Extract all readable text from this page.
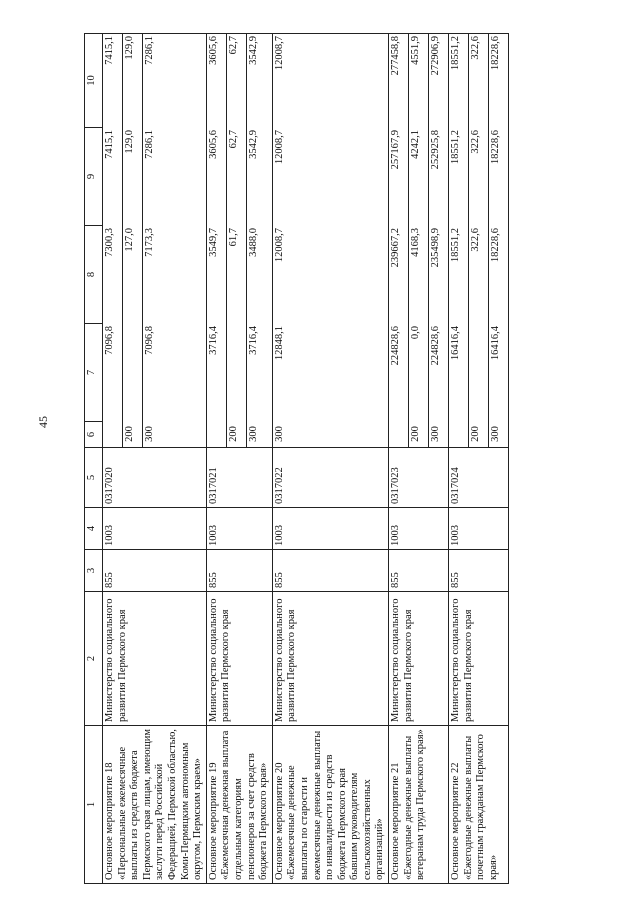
45
1	2	3	4	5	6	7	8	9	10
Основное мероприятие 18 «Персональные ежемесячные выплаты из средств бюджета Пермского края лицам, имеющим заслуги перед Российской Федерацией, Пермской областью, Коми-Пермяцким автономным округом, Пермским краем»	Министерство социального развития Пермского края	855	1003	0317020	
	7096,8	7300,3	7415,1	7415,1
200		127,0	129,0	129,0
300	7096,8	7173,3	7286,1	7286,1

Основное мероприятие 19 «Ежемесячная денежная выплата отдельным категориям пенсионеров за счет средств бюджета Пермского края»	Министерство социального развития Пермского края	855	1003	0317021	
	3716,4	3549,7	3605,6	3605,6
200		61,7	62,7	62,7
300	3716,4	3488,0	3542,9	3542,9

Основное мероприятие 20 «Ежемесячные денежные выплаты по старости и ежемесячные денежные выплаты по инвалидности из средств бюджета Пермского края бывшим руководителям сельскохозяйственных организаций»	Министерство социального развития Пермского края	855	1003	0317022	
300	12848,1	12008,7	12008,7	12008,7

Основное мероприятие 21 «Ежегодные денежные выплаты ветеранам труда Пермского края»	Министерство социального развития Пермского края	855	1003	0317023	
	224828,6	239667,2	257167,9	277458,8
200	0,0	4168,3	4242,1	4551,9
300	224828,6	235498,9	252925,8	272906,9

Основное мероприятие 22 «Ежегодные денежные выплаты почетным гражданам Пермского края»	Министерство социального развития Пермского края	855	1003	0317024	
	16416,4	18551,2	18551,2	18551,2
200		322,6	322,6	322,6
300	16416,4	18228,6	18228,6	18228,6
